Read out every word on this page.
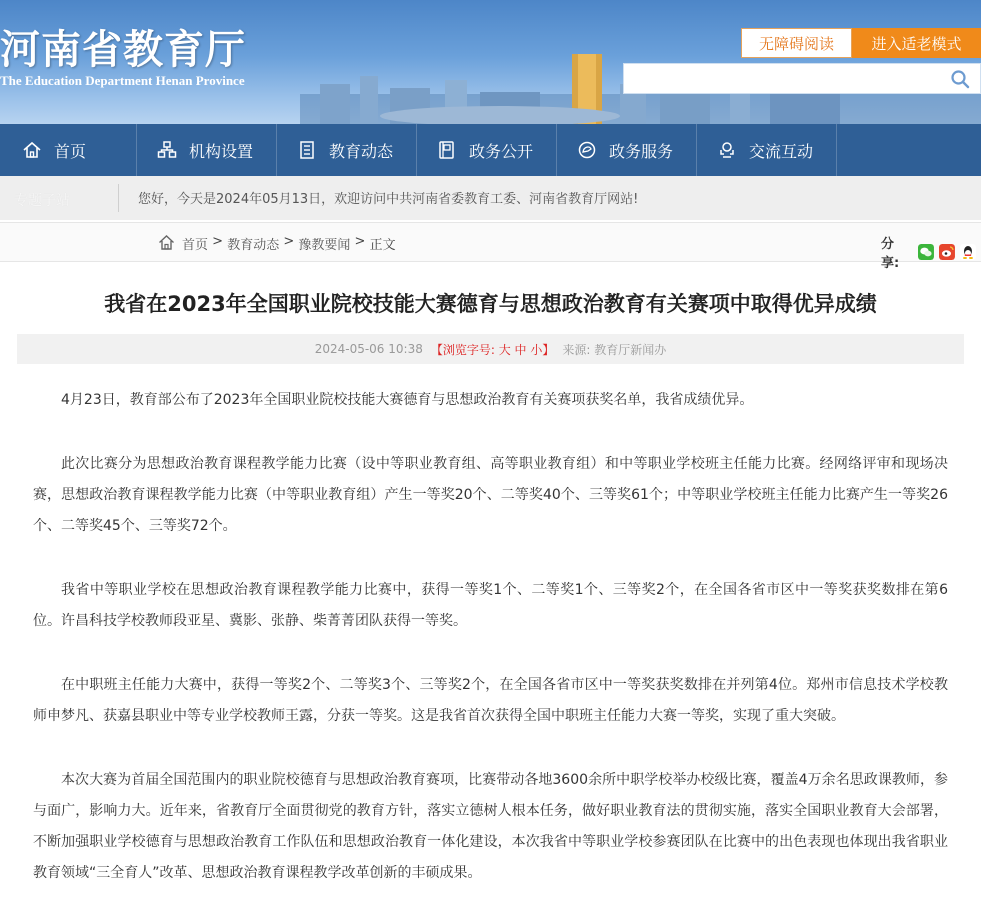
河南省教育厅
The Education Department Henan Province
无障碍阅读	进入适老模式
首页	机构设置	教育动态	政务公开	政务服务	交流互动
专题子站	您好，今天是2024年05月13日，欢迎访问中共河南省委教育工委、河南省教育厅网站!
首页 > 教育动态 > 豫教要闻 > 正文	分享:
我省在2023年全国职业院校技能大赛德育与思想政治教育有关赛项中取得优异成绩
2024-05-06 10:38 【浏览字号: 大 中 小】 来源: 教育厅新闻办

4月23日，教育部公布了2023年全国职业院校技能大赛德育与思想政治教育有关赛项获奖名单，我省成绩优异。

此次比赛分为思想政治教育课程教学能力比赛（设中等职业教育组、高等职业教育组）和中等职业学校班主任能力比赛。经网络评审和现场决赛，思想政治教育课程教学能力比赛（中等职业教育组）产生一等奖20个、二等奖40个、三等奖61个；中等职业学校班主任能力比赛产生一等奖26个、二等奖45个、三等奖72个。

我省中等职业学校在思想政治教育课程教学能力比赛中，获得一等奖1个、二等奖1个、三等奖2个，在全国各省市区中一等奖获奖数排在第6位。许昌科技学校教师段亚星、冀影、张静、柴菁菁团队获得一等奖。

在中职班主任能力大赛中，获得一等奖2个、二等奖3个、三等奖2个，在全国各省市区中一等奖获奖数排在并列第4位。郑州市信息技术学校教师申梦凡、获嘉县职业中等专业学校教师王露，分获一等奖。这是我省首次获得全国中职班主任能力大赛一等奖，实现了重大突破。

本次大赛为首届全国范围内的职业院校德育与思想政治教育赛项，比赛带动各地3600余所中职学校举办校级比赛，覆盖4万余名思政课教师，参与面广，影响力大。近年来，省教育厅全面贯彻党的教育方针，落实立德树人根本任务，做好职业教育法的贯彻实施，落实全国职业教育大会部署，不断加强职业学校德育与思想政治教育工作队伍和思想政治教育一体化建设，本次我省中等职业学校参赛团队在比赛中的出色表现也体现出我省职业教育领域“三全育人”改革、思想政治教育课程教学改革创新的丰硕成果。
